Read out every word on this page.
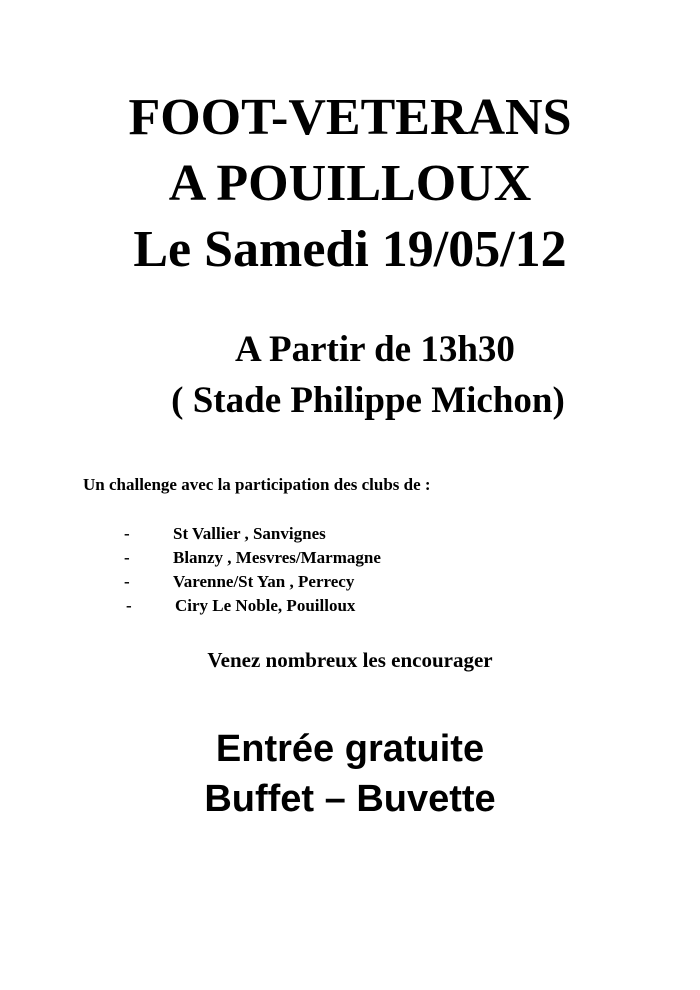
FOOT-VETERANS
A POUILLOUX
Le Samedi 19/05/12
A Partir de 13h30
( Stade Philippe Michon)
Un challenge avec la participation des clubs de :
-	St Vallier , Sanvignes
-	Blanzy , Mesvres/Marmagne
-	Varenne/St Yan , Perrecy
-	Ciry Le Noble, Pouilloux
Venez nombreux les encourager
Entrée gratuite
Buffet – Buvette
